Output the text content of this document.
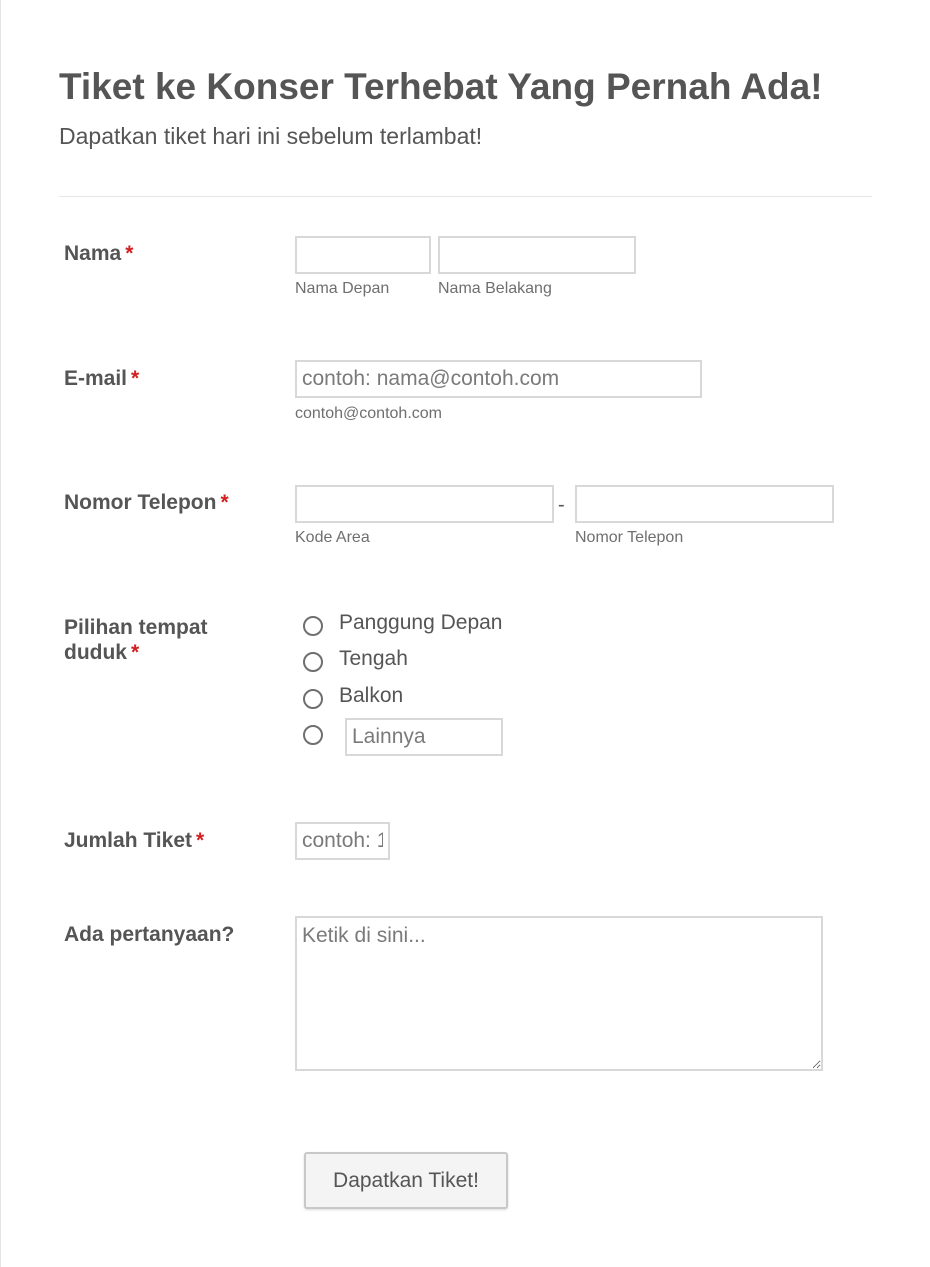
Tiket ke Konser Terhebat Yang Pernah Ada!
Dapatkan tiket hari ini sebelum terlambat!
Nama *
Nama Depan	Nama Belakang
E-mail *
contoh: nama@contoh.com
contoh@contoh.com
Nomor Telepon *	-
Kode Area	Nomor Telepon
Pilihan tempat
duduk *
Panggung Depan
Tengah
Balkon
Lainnya
Jumlah Tiket *
contoh: 1
Ada pertanyaan?
Ketik di sini...
Dapatkan Tiket!
